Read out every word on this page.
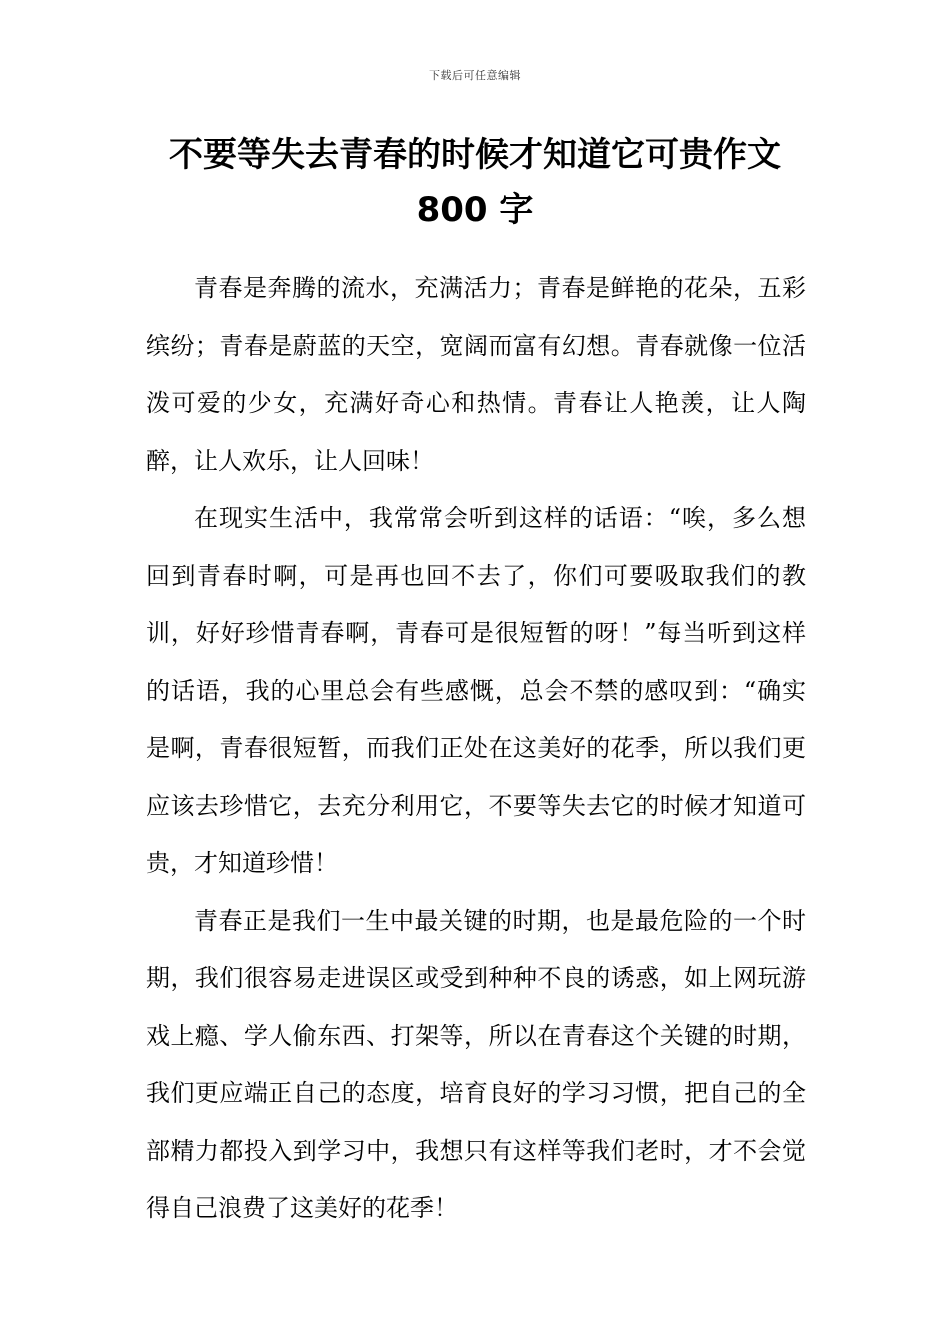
下载后可任意编辑
不要等失去青春的时候才知道它可贵作文
800 字

青春是奔腾的流水，充满活力；青春是鲜艳的花朵，五彩缤纷；青春是蔚蓝的天空，宽阔而富有幻想。青春就像一位活泼可爱的少女，充满好奇心和热情。青春让人艳羡，让人陶醉，让人欢乐，让人回味！

在现实生活中，我常常会听到这样的话语：“唉，多么想回到青春时啊，可是再也回不去了，你们可要吸取我们的教训，好好珍惜青春啊，青春可是很短暂的呀！”每当听到这样的话语，我的心里总会有些感慨，总会不禁的感叹到：“确实是啊，青春很短暂，而我们正处在这美好的花季，所以我们更应该去珍惜它，去充分利用它，不要等失去它的时候才知道可贵，才知道珍惜！

青春正是我们一生中最关键的时期，也是最危险的一个时期，我们很容易走进误区或受到种种不良的诱惑，如上网玩游戏上瘾、学人偷东西、打架等，所以在青春这个关键的时期，我们更应端正自己的态度，培育良好的学习习惯，把自己的全部精力都投入到学习中，我想只有这样等我们老时，才不会觉得自己浪费了这美好的花季！
